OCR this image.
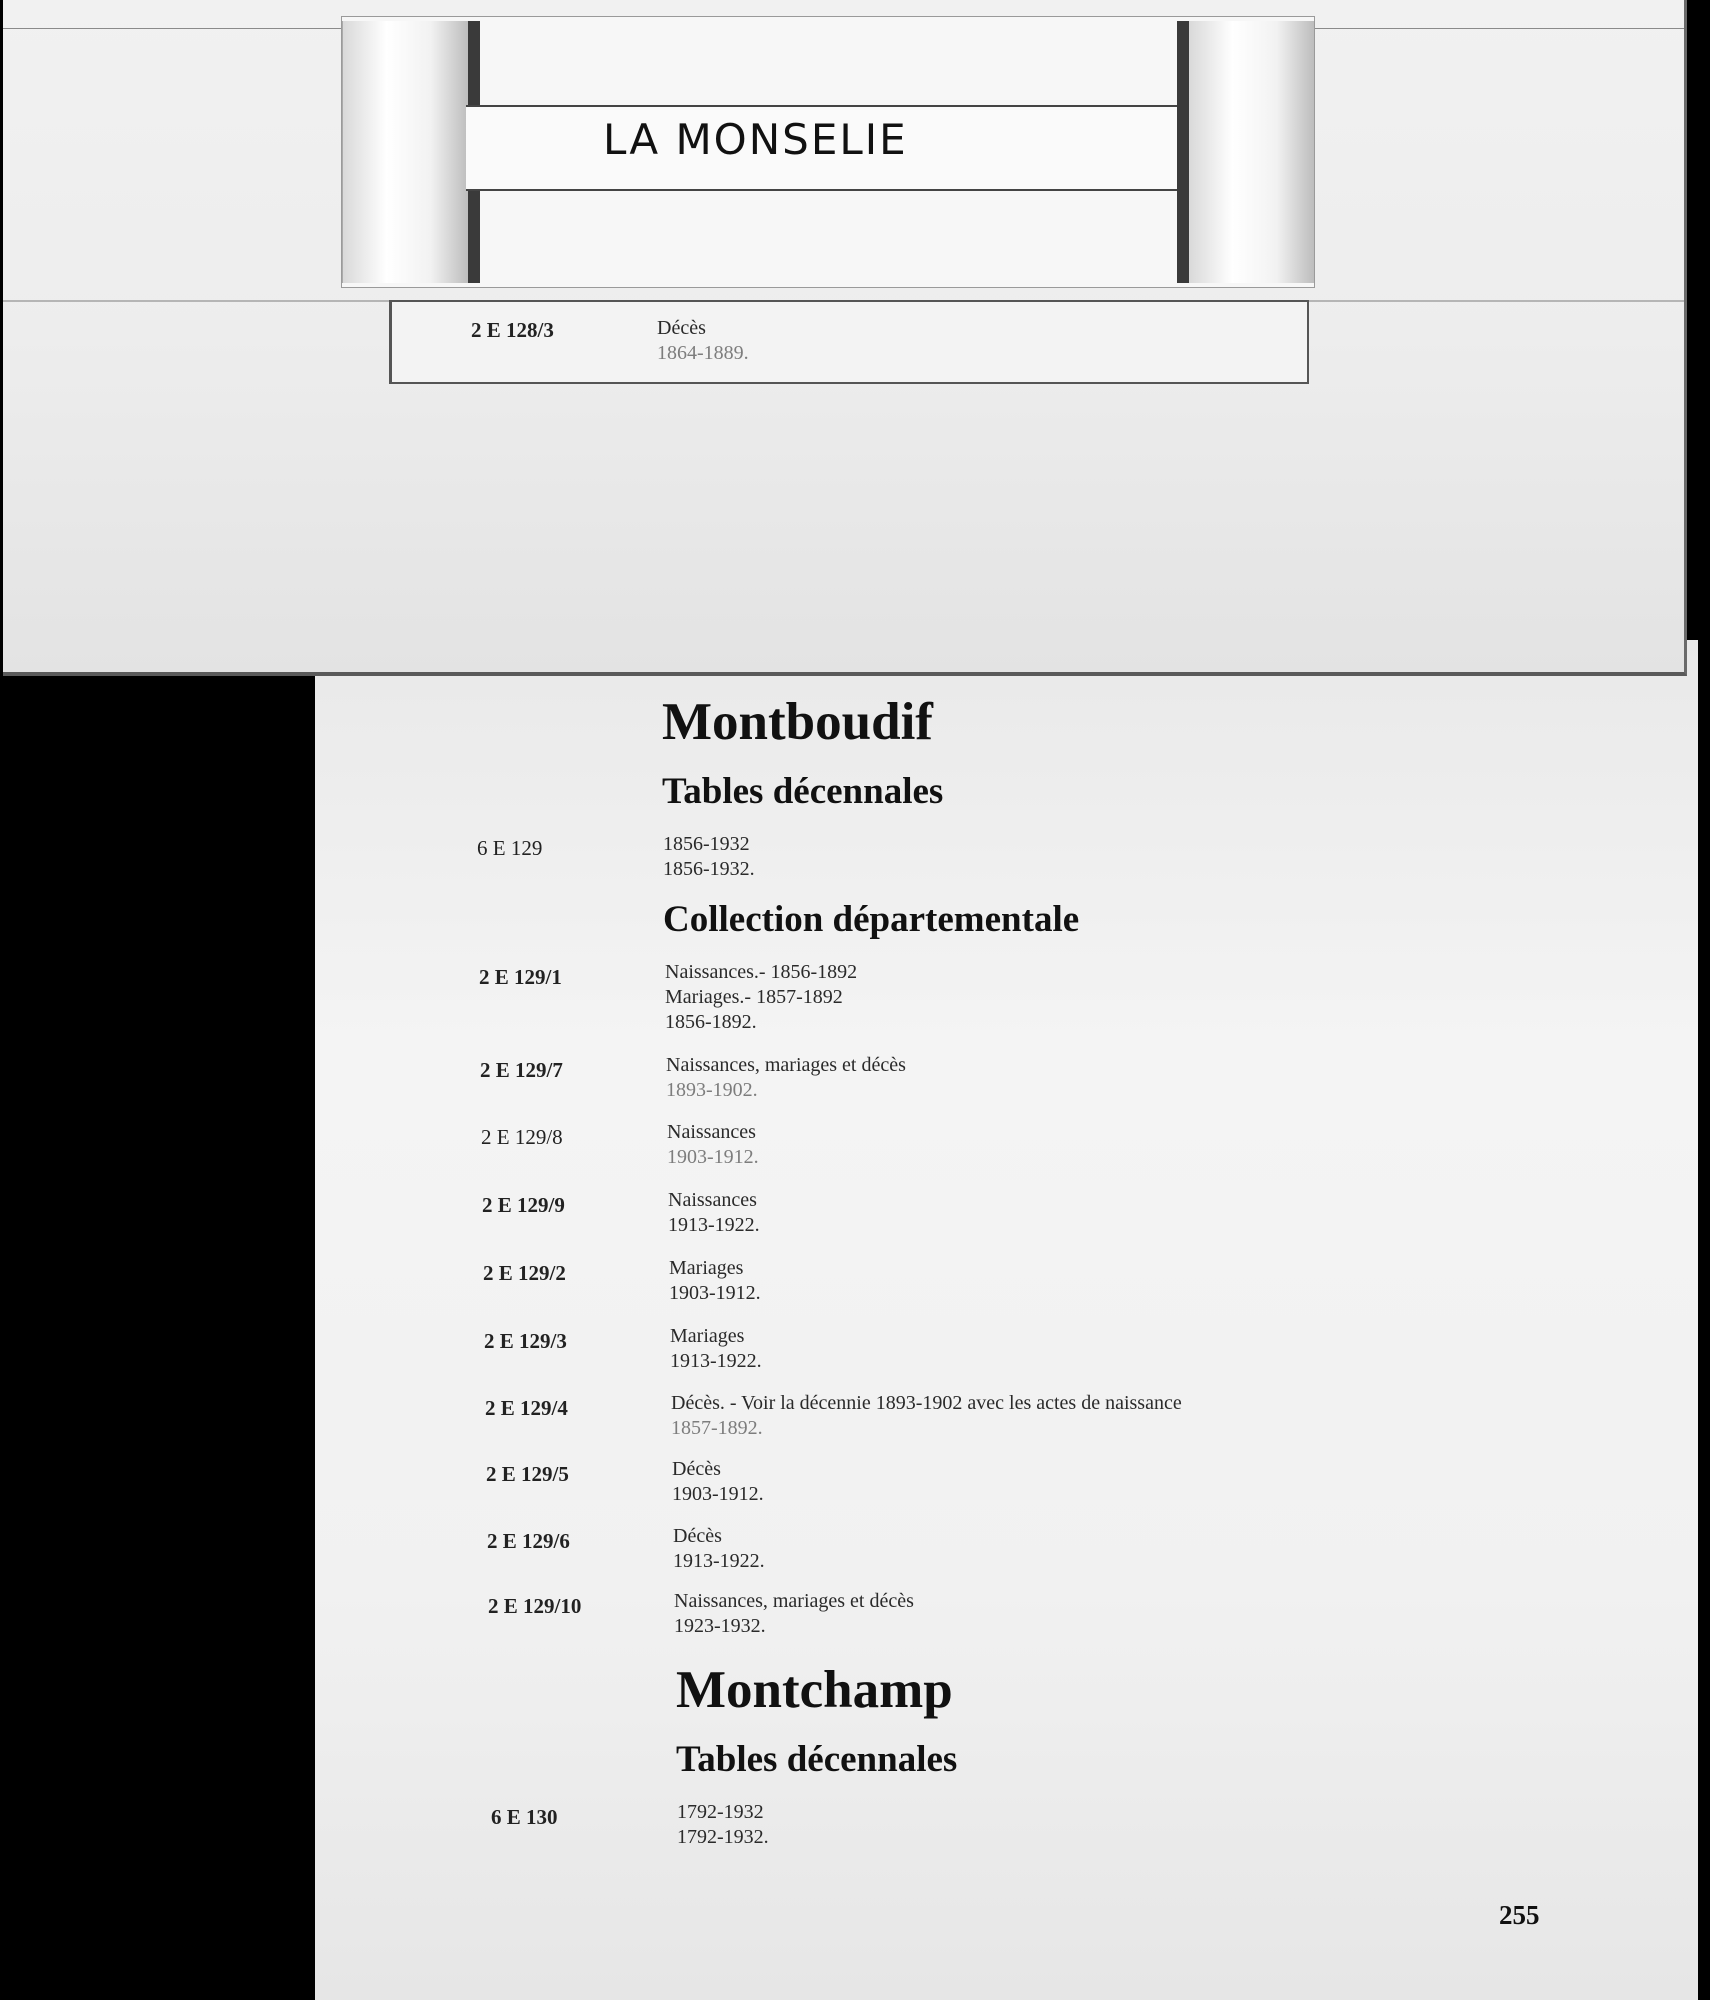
Montboudif
Tables décennales
6 E 129	1856-1932
1856-1932.
Collection départementale
2 E 129/1	Naissances.- 1856-1892
Mariages.- 1857-1892
1856-1892.
2 E 129/7	Naissances, mariages et décès
1893-1902.
2 E 129/8	Naissances
1903-1912.
2 E 129/9	Naissances
1913-1922.
2 E 129/2	Mariages
1903-1912.
2 E 129/3	Mariages
1913-1922.
2 E 129/4	Décès. - Voir la décennie 1893-1902 avec les actes de naissance
1857-1892.
2 E 129/5	Décès
1903-1912.
2 E 129/6	Décès
1913-1922.
2 E 129/10	Naissances, mariages et décès
1923-1932.
Montchamp
Tables décennales
6 E 130	1792-1932
1792-1932.
255
LA MONSELIE
2 E 128/3	Décès
1864-1889.
